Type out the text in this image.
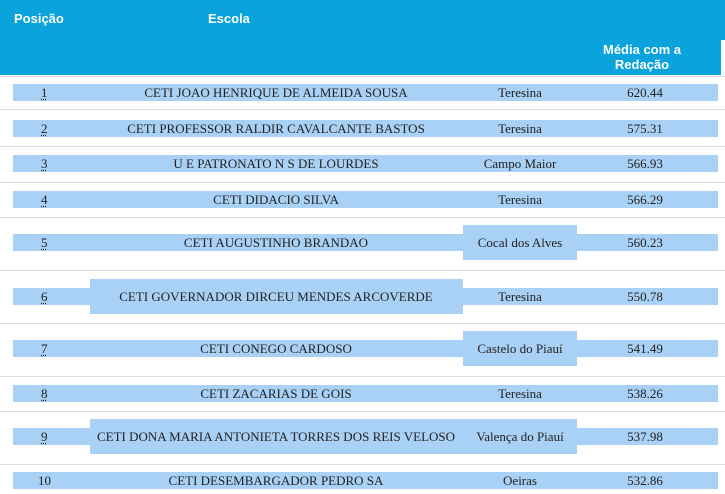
Posição	Escola
Média com a Redação
1	CETI JOAO HENRIQUE DE ALMEIDA SOUSA	Teresina	620.44
2	CETI PROFESSOR RALDIR CAVALCANTE BASTOS	Teresina	575.31
3	U E PATRONATO N S DE LOURDES	Campo Maior	566.93
4	CETI DIDACIO SILVA	Teresina	566.29
5	CETI AUGUSTINHO BRANDAO	Cocal dos Alves	560.23
6	CETI GOVERNADOR DIRCEU MENDES ARCOVERDE	Teresina	550.78
7	CETI CONEGO CARDOSO	Castelo do Piauí	541.49
8	CETI ZACARIAS DE GOIS	Teresina	538.26
9	CETI DONA MARIA ANTONIETA TORRES DOS REIS VELOSO	Valença do Piauí	537.98
10	CETI DESEMBARGADOR PEDRO SA	Oeiras	532.86
